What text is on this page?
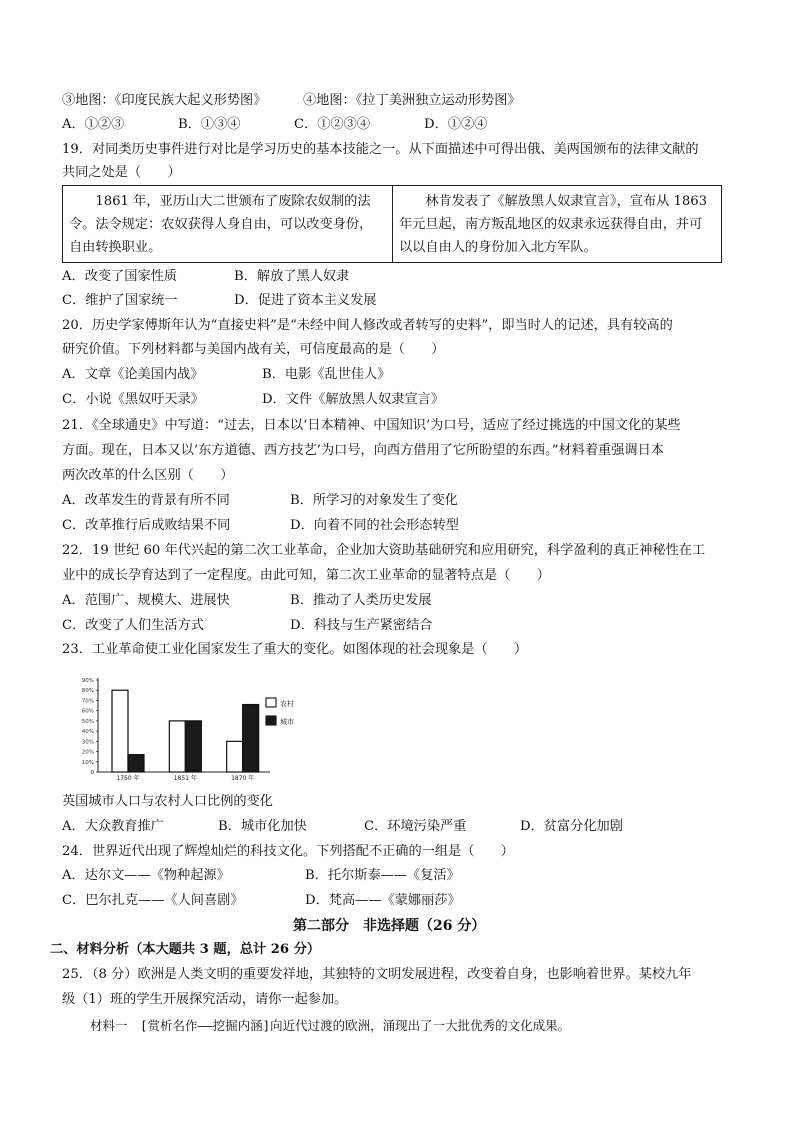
③地图：《印度民族大起义形势图》	④地图：《拉丁美洲独立运动形势图》
A．①②③	B．①③④	C．①②③④	D．①②④
19．对同类历史事件进行对比是学习历史的基本技能之一。从下面描述中可得出俄、美两国颁布的法律文献的
共同之处是（　　）
　　1861 年，亚历山大二世颁布了废除农奴制的法
令。法令规定：农奴获得人身自由，可以改变身份，
自由转换职业。
　　林肯发表了《解放黑人奴隶宣言》，宣布从 1863
年元旦起，南方叛乱地区的奴隶永远获得自由，并可
以以自由人的身份加入北方军队。
A．改变了国家性质	B．解放了黑人奴隶
C．维护了国家统一	D．促进了资本主义发展
20．历史学家傅斯年认为“直接史料”是“未经中间人修改或者转写的史料”，即当时人的记述，具有较高的
研究价值。下列材料都与美国内战有关，可信度最高的是（　　）
A．文章《论美国内战》	B．电影《乱世佳人》
C．小说《黑奴吁天录》	D．文件《解放黑人奴隶宣言》
21．《全球通史》中写道：“过去，日本以‘日本精神、中国知识’为口号，适应了经过挑选的中国文化的某些
方面。现在，日本又以‘东方道德、西方技艺’为口号，向西方借用了它所盼望的东西。”材料着重强调日本
两次改革的什么区别（　　）
A．改革发生的背景有所不同	B．所学习的对象发生了变化
C．改革推行后成败结果不同	D．向着不同的社会形态转型
22．19 世纪 60 年代兴起的第二次工业革命，企业加大资助基础研究和应用研究，科学盈利的真正神秘性在工
业中的成长孕育达到了一定程度。由此可知，第二次工业革命的显著特点是（　　）
A．范围广、规模大、进展快	B．推动了人类历史发展
C．改变了人们生活方式	D．科技与生产紧密结合
23．工业革命使工业化国家发生了重大的变化。如图体现的社会现象是（　　）
90%
80%
70%
60%
50%
40%
30%
20%
10%
0
1750 年	1851 年	1870 年
农村
城市
英国城市人口与农村人口比例的变化
A．大众教育推广	B．城市化加快	C．环境污染严重	D．贫富分化加剧
24．世界近代出现了辉煌灿烂的科技文化。下列搭配不正确的一组是（　　）
A．达尔文——《物种起源》	B．托尔斯泰——《复活》
C．巴尔扎克——《人间喜剧》	D．梵高——《蒙娜丽莎》
第二部分　非选择题（26 分）
二、材料分析（本大题共 3 题，总计 26 分）
25．（8 分）欧洲是人类文明的重要发祥地，其独特的文明发展进程，改变着自身，也影响着世界。某校九年
级（1）班的学生开展探究活动，请你一起参加。
材料一　[赏析名作——挖掘内涵]向近代过渡的欧洲，涌现出了一大批优秀的文化成果。
